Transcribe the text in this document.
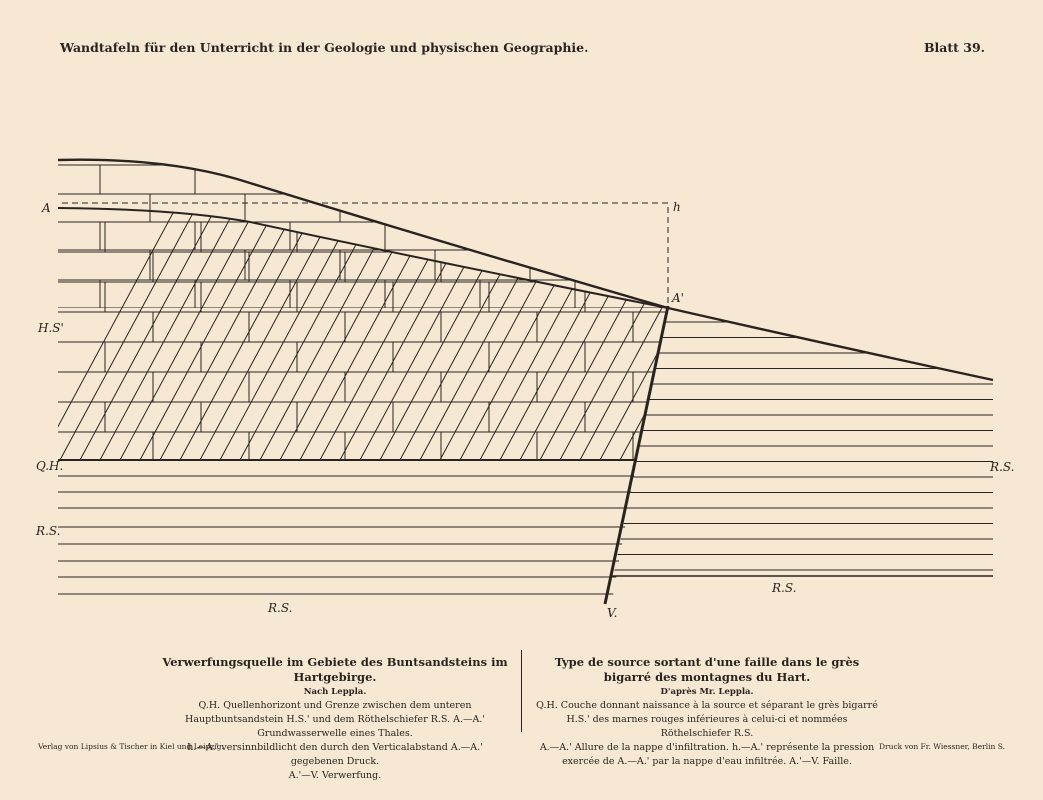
Wandtafeln für den Unterricht in der Geologie und physischen Geographie.	Blatt 39.
A	h
A'
H.S'
Q.H.
R.S.
R.S.
R.S.
R.S.
V.
Verwerfungsquelle im Gebiete des Buntsandsteins im Hartgebirge.
Nach Leppla.
Q.H. Quellenhorizont und Grenze zwischen dem unteren Hauptbuntsandstein H.S.' und dem Röthelschiefer R.S. A.—A.' Grundwasserwelle eines Thales.
h.—A.' versinnbildlicht den durch den Verticalabstand A.—A.' gegebenen Druck.
A.'—V. Verwerfung.
Type de source sortant d'une faille dans le grès bigarré des montagnes du Hart.
D'après Mr. Leppla.
Q.H. Couche donnant naissance à la source et séparant le grès bigarré H.S.' des marnes rouges inférieures à celui-ci et nommées Röthelschiefer R.S.
A.—A.' Allure de la nappe d'infiltration. h.—A.' représente la pression exercée de A.—A.' par la nappe d'eau infiltrée. A.'—V. Faille.
Verlag von Lipsius & Tischer in Kiel und Leipzig.	Druck von Fr. Wiessner, Berlin S.
